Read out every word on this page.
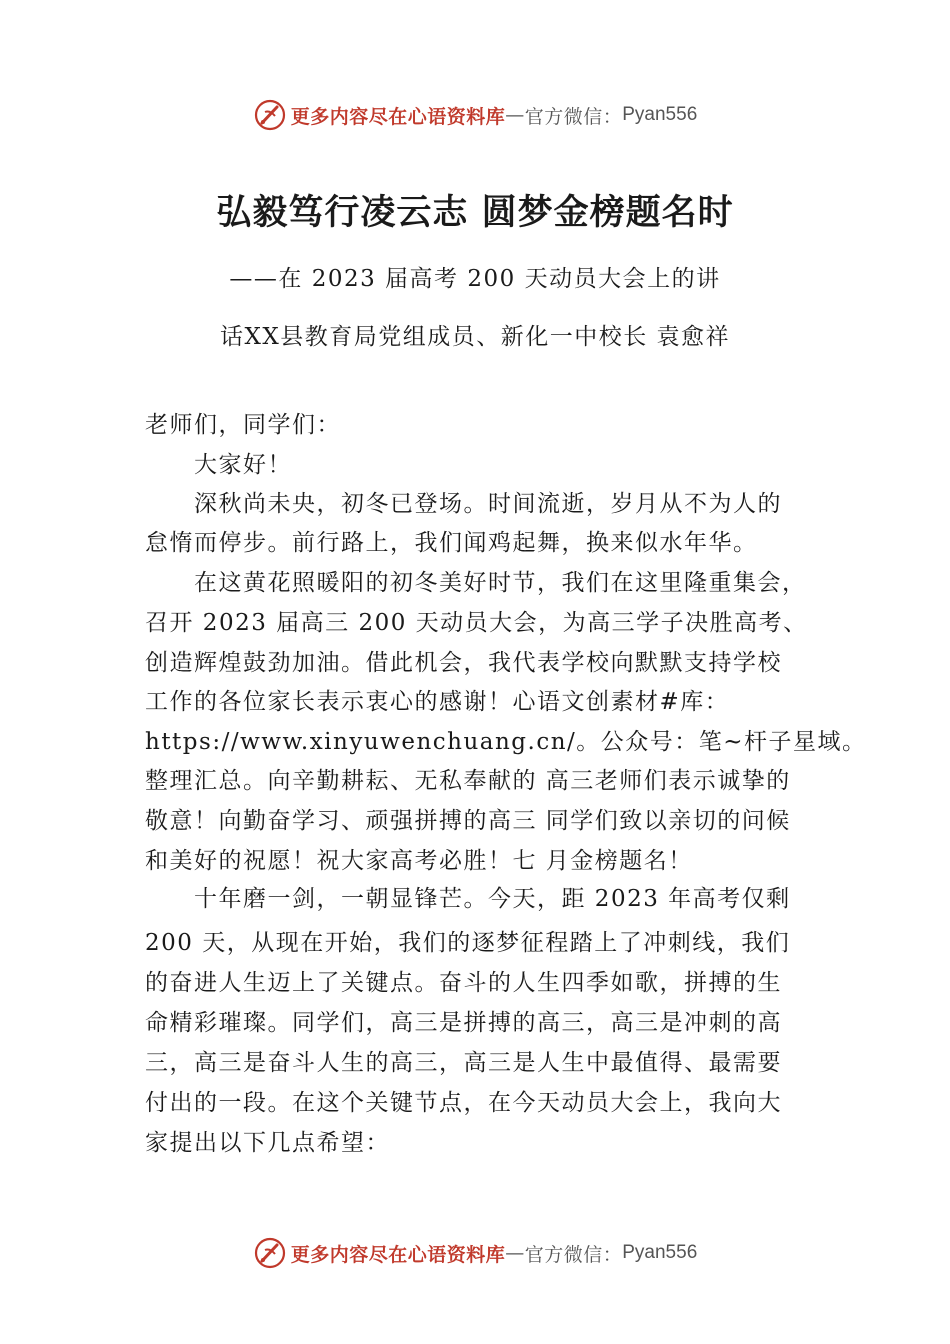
更多内容尽在心语资料库 — 官方微信： Pyan556
弘毅笃行凌云志 圆梦金榜题名时
——在 2023 届高考 200 天动员大会上的讲
话XX县教育局党组成员、新化一中校长 袁愈祥
老师们，同学们：
　　大家好！
　　深秋尚未央，初冬已登场。时间流逝，岁月从不为人的
怠惰而停步。前行路上，我们闻鸡起舞，换来似水年华。
　　在这黄花照暖阳的初冬美好时节，我们在这里隆重集会，
召开 2023 届高三 200 天动员大会，为高三学子决胜高考、
创造辉煌鼓劲加油。借此机会，我代表学校向默默支持学校
工作的各位家长表示衷心的感谢！心语文创素材#库：
https://www.xinyuwenchuang.cn/。公众号：笔~杆子星域。
整理汇总。向辛勤耕耘、无私奉献的 高三老师们表示诚挚的
敬意！向勤奋学习、顽强拼搏的高三 同学们致以亲切的问候
和美好的祝愿！祝大家高考必胜！七 月金榜题名！
　　十年磨一剑，一朝显锋芒。今天，距 2023 年高考仅剩
200 天，从现在开始，我们的逐梦征程踏上了冲刺线，我们
的奋进人生迈上了关键点。奋斗的人生四季如歌，拼搏的生
命精彩璀璨。同学们，高三是拼搏的高三，高三是冲刺的高
三，高三是奋斗人生的高三，高三是人生中最值得、最需要
付出的一段。在这个关键节点，在今天动员大会上，我向大
家提出以下几点希望：
更多内容尽在心语资料库 — 官方微信： Pyan556
